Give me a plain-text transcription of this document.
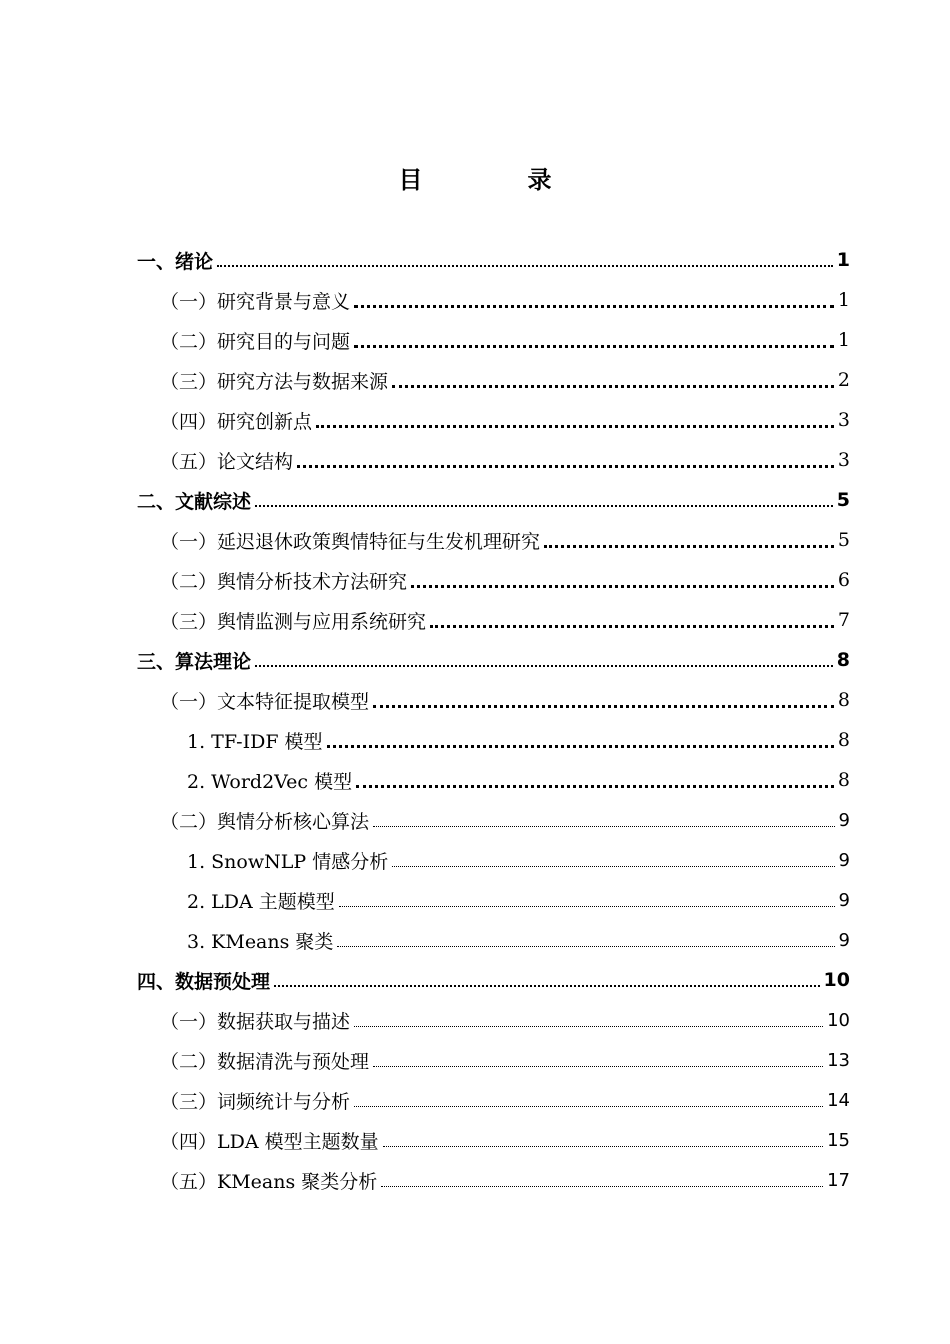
目	录
一、绪论	1
（一）研究背景与意义	1
（二）研究目的与问题	1
（三）研究方法与数据来源	2
（四）研究创新点	3
（五）论文结构	3
二、文献综述	5
（一）延迟退休政策舆情特征与生发机理研究	5
（二）舆情分析技术方法研究	6
（三）舆情监测与应用系统研究	7
三、算法理论	8
（一）文本特征提取模型	8
1. TF-IDF 模型	8
2. Word2Vec 模型	8
（二）舆情分析核心算法	9
1. SnowNLP 情感分析	9
2. LDA 主题模型	9
3. KMeans 聚类	9
四、数据预处理	10
（一）数据获取与描述	10
（二）数据清洗与预处理	13
（三）词频统计与分析	14
（四）LDA 模型主题数量	15
（五）KMeans 聚类分析	17
